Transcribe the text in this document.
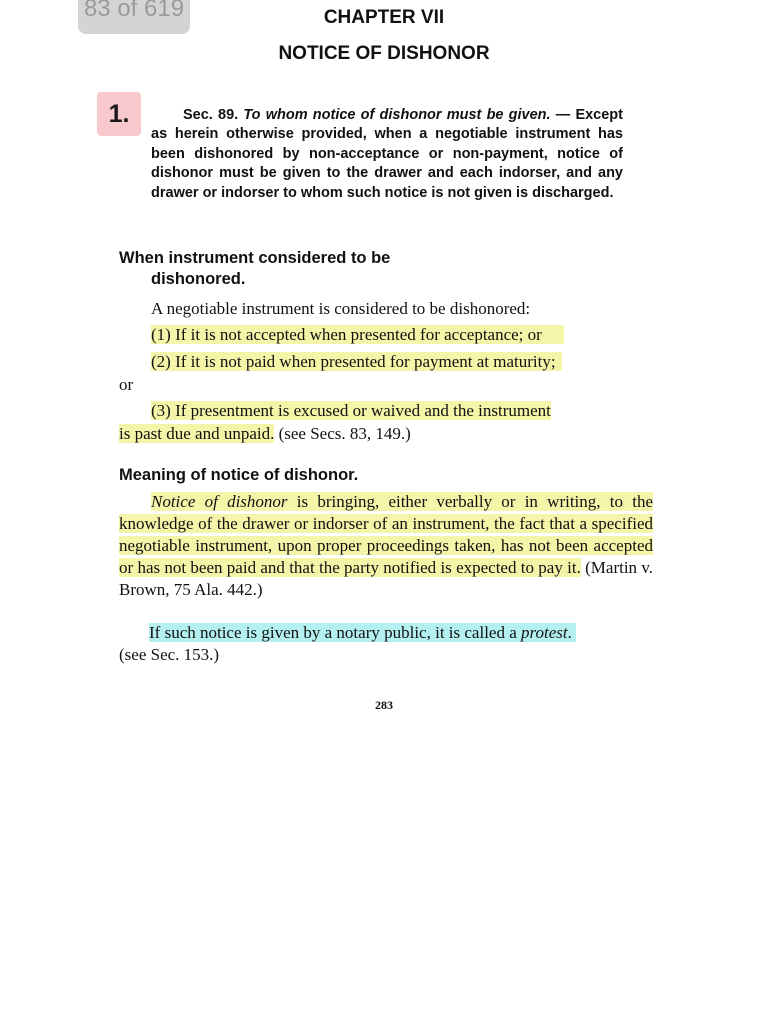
83 of 619	CHAPTER VII
NOTICE OF DISHONOR
1.	Sec. 89. To whom notice of dishonor must be given. — Except as herein otherwise provided, when a negotiable instrument has been dishonored by non-acceptance or non-payment, notice of dishonor must be given to the drawer and each indorser, and any drawer or indorser to whom such notice is not given is discharged.
When instrument considered to be
dishonored.
A negotiable instrument is considered to be dishonored:
(1) If it is not accepted when presented for acceptance; or
(2) If it is not paid when presented for payment at maturity;
or
(3) If presentment is excused or waived and the instrument
is past due and unpaid. (see Secs. 83, 149.)
Meaning of notice of dishonor.
Notice of dishonor is bringing, either verbally or in writing, to the knowledge of the drawer or indorser of an instrument, the fact that a specified negotiable instrument, upon proper proceedings taken, has not been accepted or has not been paid and that the party notified is expected to pay it. (Martin v. Brown, 75 Ala. 442.)
If such notice is given by a notary public, it is called a protest.
(see Sec. 153.)
283
